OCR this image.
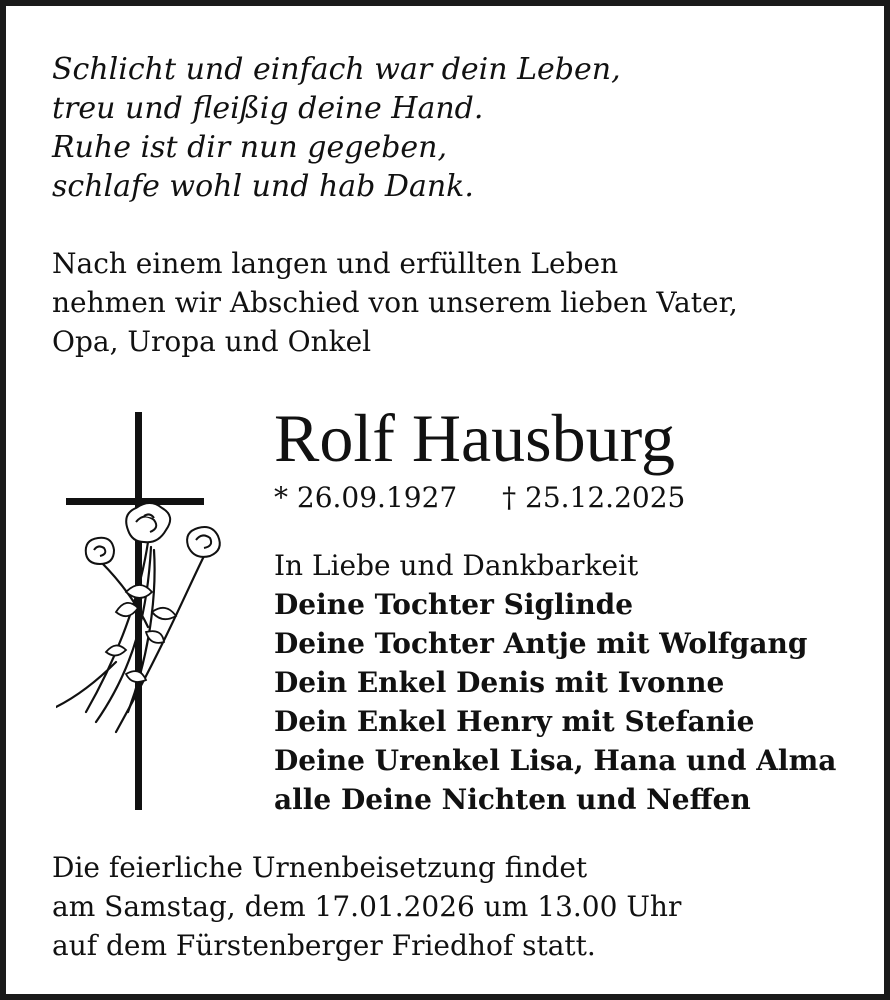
Schlicht und einfach war dein Leben,
treu und fleißig deine Hand.
Ruhe ist dir nun gegeben,
schlafe wohl und hab Dank.
Nach einem langen und erfüllten Leben
nehmen wir Abschied von unserem lieben Vater,
Opa, Uropa und Onkel
Rolf Hausburg
* 26.09.1927 † 25.12.2025
In Liebe und Dankbarkeit
Deine Tochter Siglinde
Deine Tochter Antje mit Wolfgang
Dein Enkel Denis mit Ivonne
Dein Enkel Henry mit Stefanie
Deine Urenkel Lisa, Hana und Alma
alle Deine Nichten und Neffen
Die feierliche Urnenbeisetzung findet
am Samstag, dem 17.01.2026 um 13.00 Uhr
auf dem Fürstenberger Friedhof statt.
